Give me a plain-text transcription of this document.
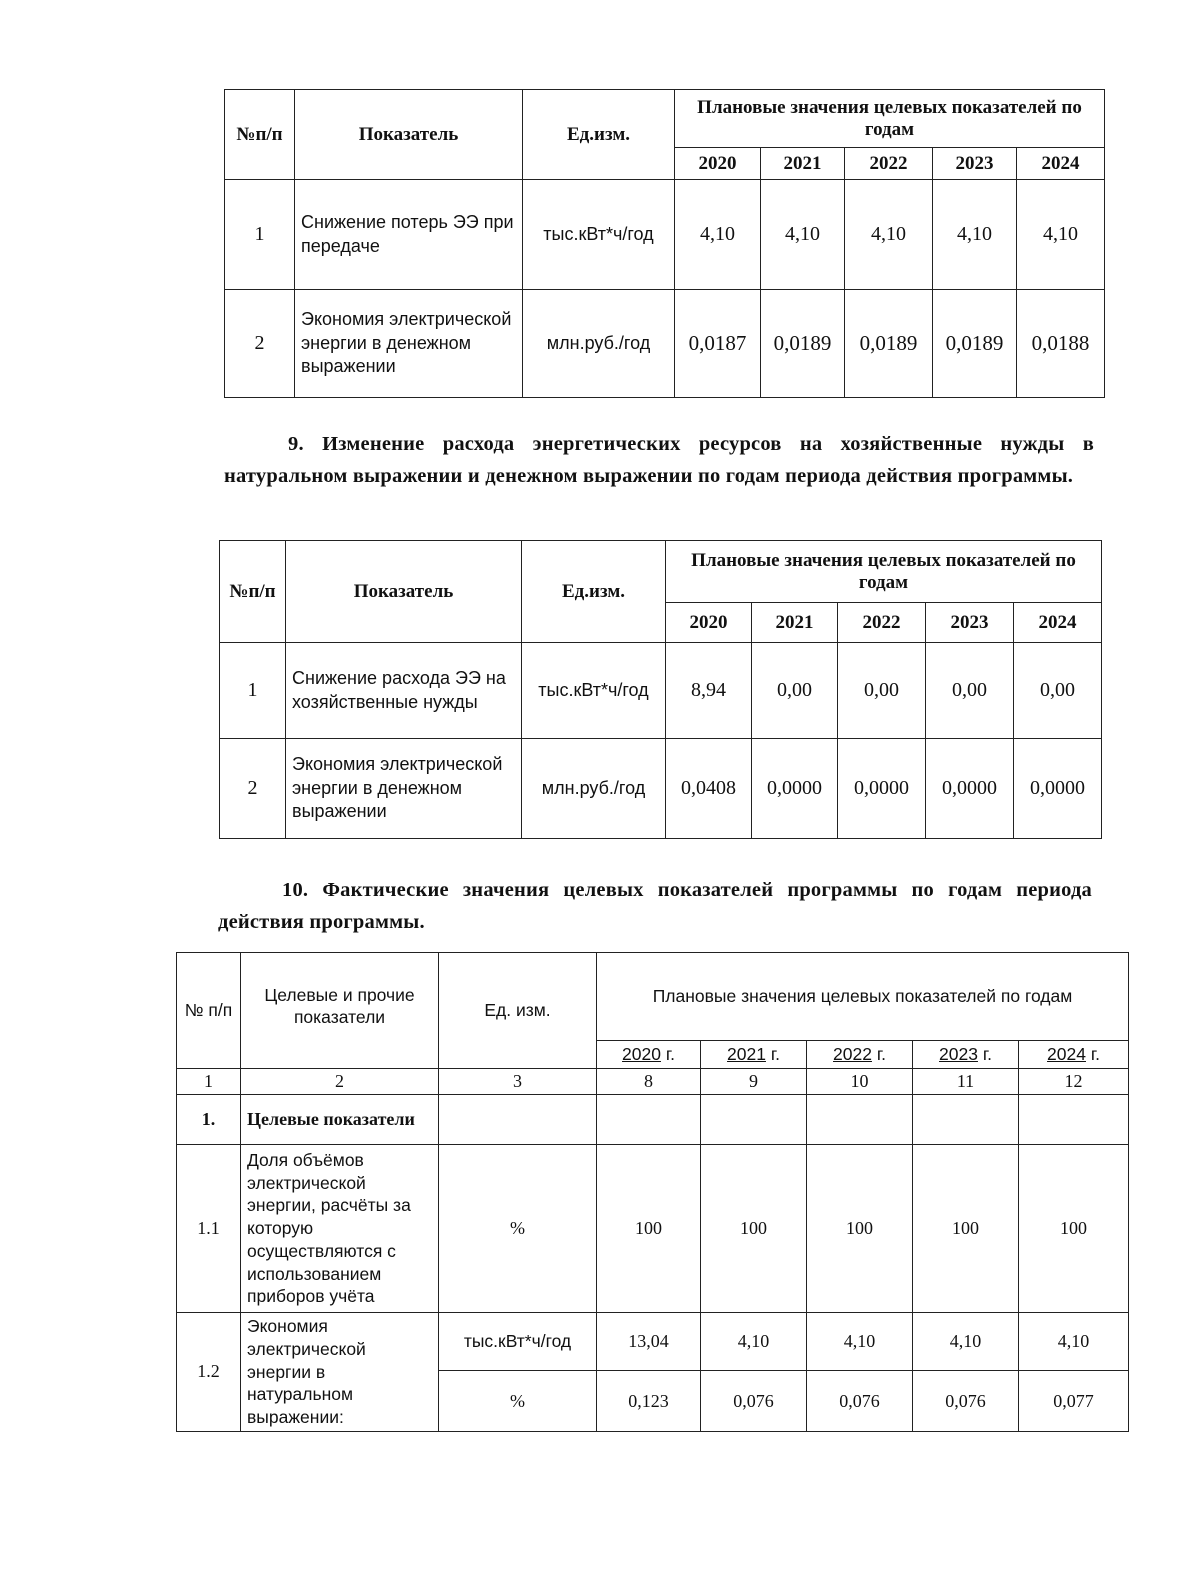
№п/п	Показатель	Ед.изм.	Плановые значения целевых показателей по годам				
			2020	2021	2022	2023	2024
1	Снижение потерь ЭЭ при передаче	тыс.кВт*ч/год	4,10	4,10	4,10	4,10	4,10
2	Экономия электрической энергии в денежном выражении	млн.руб./год	0,0187	0,0189	0,0189	0,0189	0,0188
9. Изменение расхода энергетических ресурсов на хозяйственные нужды в натуральном выражении и денежном выражении по годам периода действия программы.
№п/п	Показатель	Ед.изм.	Плановые значения целевых показателей по годам				
			2020	2021	2022	2023	2024
1	Снижение расхода ЭЭ на хозяйственные нужды	тыс.кВт*ч/год	8,94	0,00	0,00	0,00	0,00
2	Экономия электрической энергии в денежном выражении	млн.руб./год	0,0408	0,0000	0,0000	0,0000	0,0000
10. Фактические значения целевых показателей программы по годам периода действия программы.
№ п/п	Целевые и прочие показатели	Ед. изм.	Плановые значения целевых показателей по годам				
			2020 г.	2021 г.	2022 г.	2023 г.	2024 г.
1	2	3	8	9	10	11	12
1.	Целевые показатели						
1.1	Доля объёмов электрической энергии, расчёты за которую осуществляются с использованием приборов учёта	%	100	100	100	100	100
1.2	Экономия электрической энергии в натуральном выражении:	тыс.кВт*ч/год	13,04	4,10	4,10	4,10	4,10
		%	0,123	0,076	0,076	0,076	0,077
